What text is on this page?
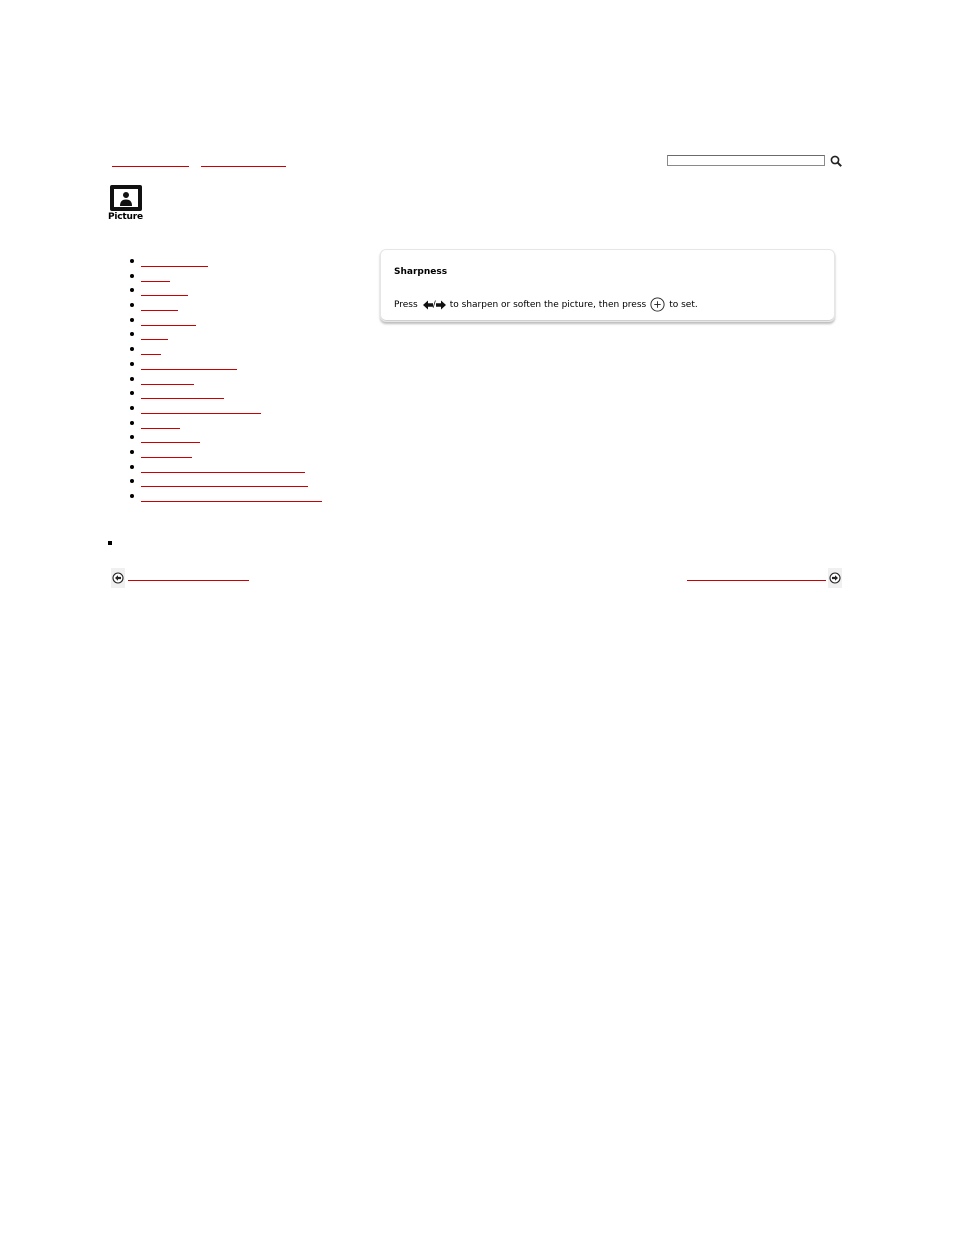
Picture
Sharpness
Press / to sharpen or soften the picture, then press	to set.
